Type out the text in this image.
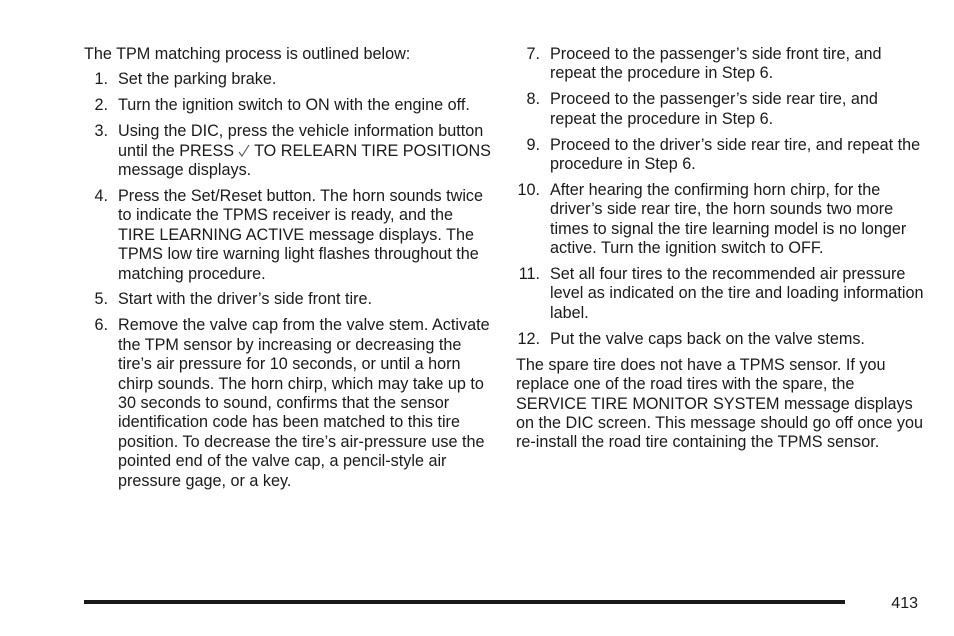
The TPM matching process is outlined below:

1. Set the parking brake.
2. Turn the ignition switch to ON with the engine off.
3. Using the DIC, press the vehicle information button until the PRESS TO RELEARN TIRE POSITIONS message displays.
4. Press the Set/Reset button. The horn sounds twice to indicate the TPMS receiver is ready, and the TIRE LEARNING ACTIVE message displays. The TPMS low tire warning light flashes throughout the matching procedure.
5. Start with the driver’s side front tire.
6. Remove the valve cap from the valve stem. Activate the TPM sensor by increasing or decreasing the tire’s air pressure for 10 seconds, or until a horn chirp sounds. The horn chirp, which may take up to 30 seconds to sound, confirms that the sensor identification code has been matched to this tire position. To decrease the tire’s air-pressure use the pointed end of the valve cap, a pencil-style air pressure gage, or a key.
7. Proceed to the passenger’s side front tire, and repeat the procedure in Step 6.
8. Proceed to the passenger’s side rear tire, and repeat the procedure in Step 6.
9. Proceed to the driver’s side rear tire, and repeat the procedure in Step 6.
10. After hearing the confirming horn chirp, for the driver’s side rear tire, the horn sounds two more times to signal the tire learning model is no longer active. Turn the ignition switch to OFF.
11. Set all four tires to the recommended air pressure level as indicated on the tire and loading information label.
12. Put the valve caps back on the valve stems.

The spare tire does not have a TPMS sensor. If you replace one of the road tires with the spare, the SERVICE TIRE MONITOR SYSTEM message displays on the DIC screen. This message should go off once you re-install the road tire containing the TPMS sensor.

413
